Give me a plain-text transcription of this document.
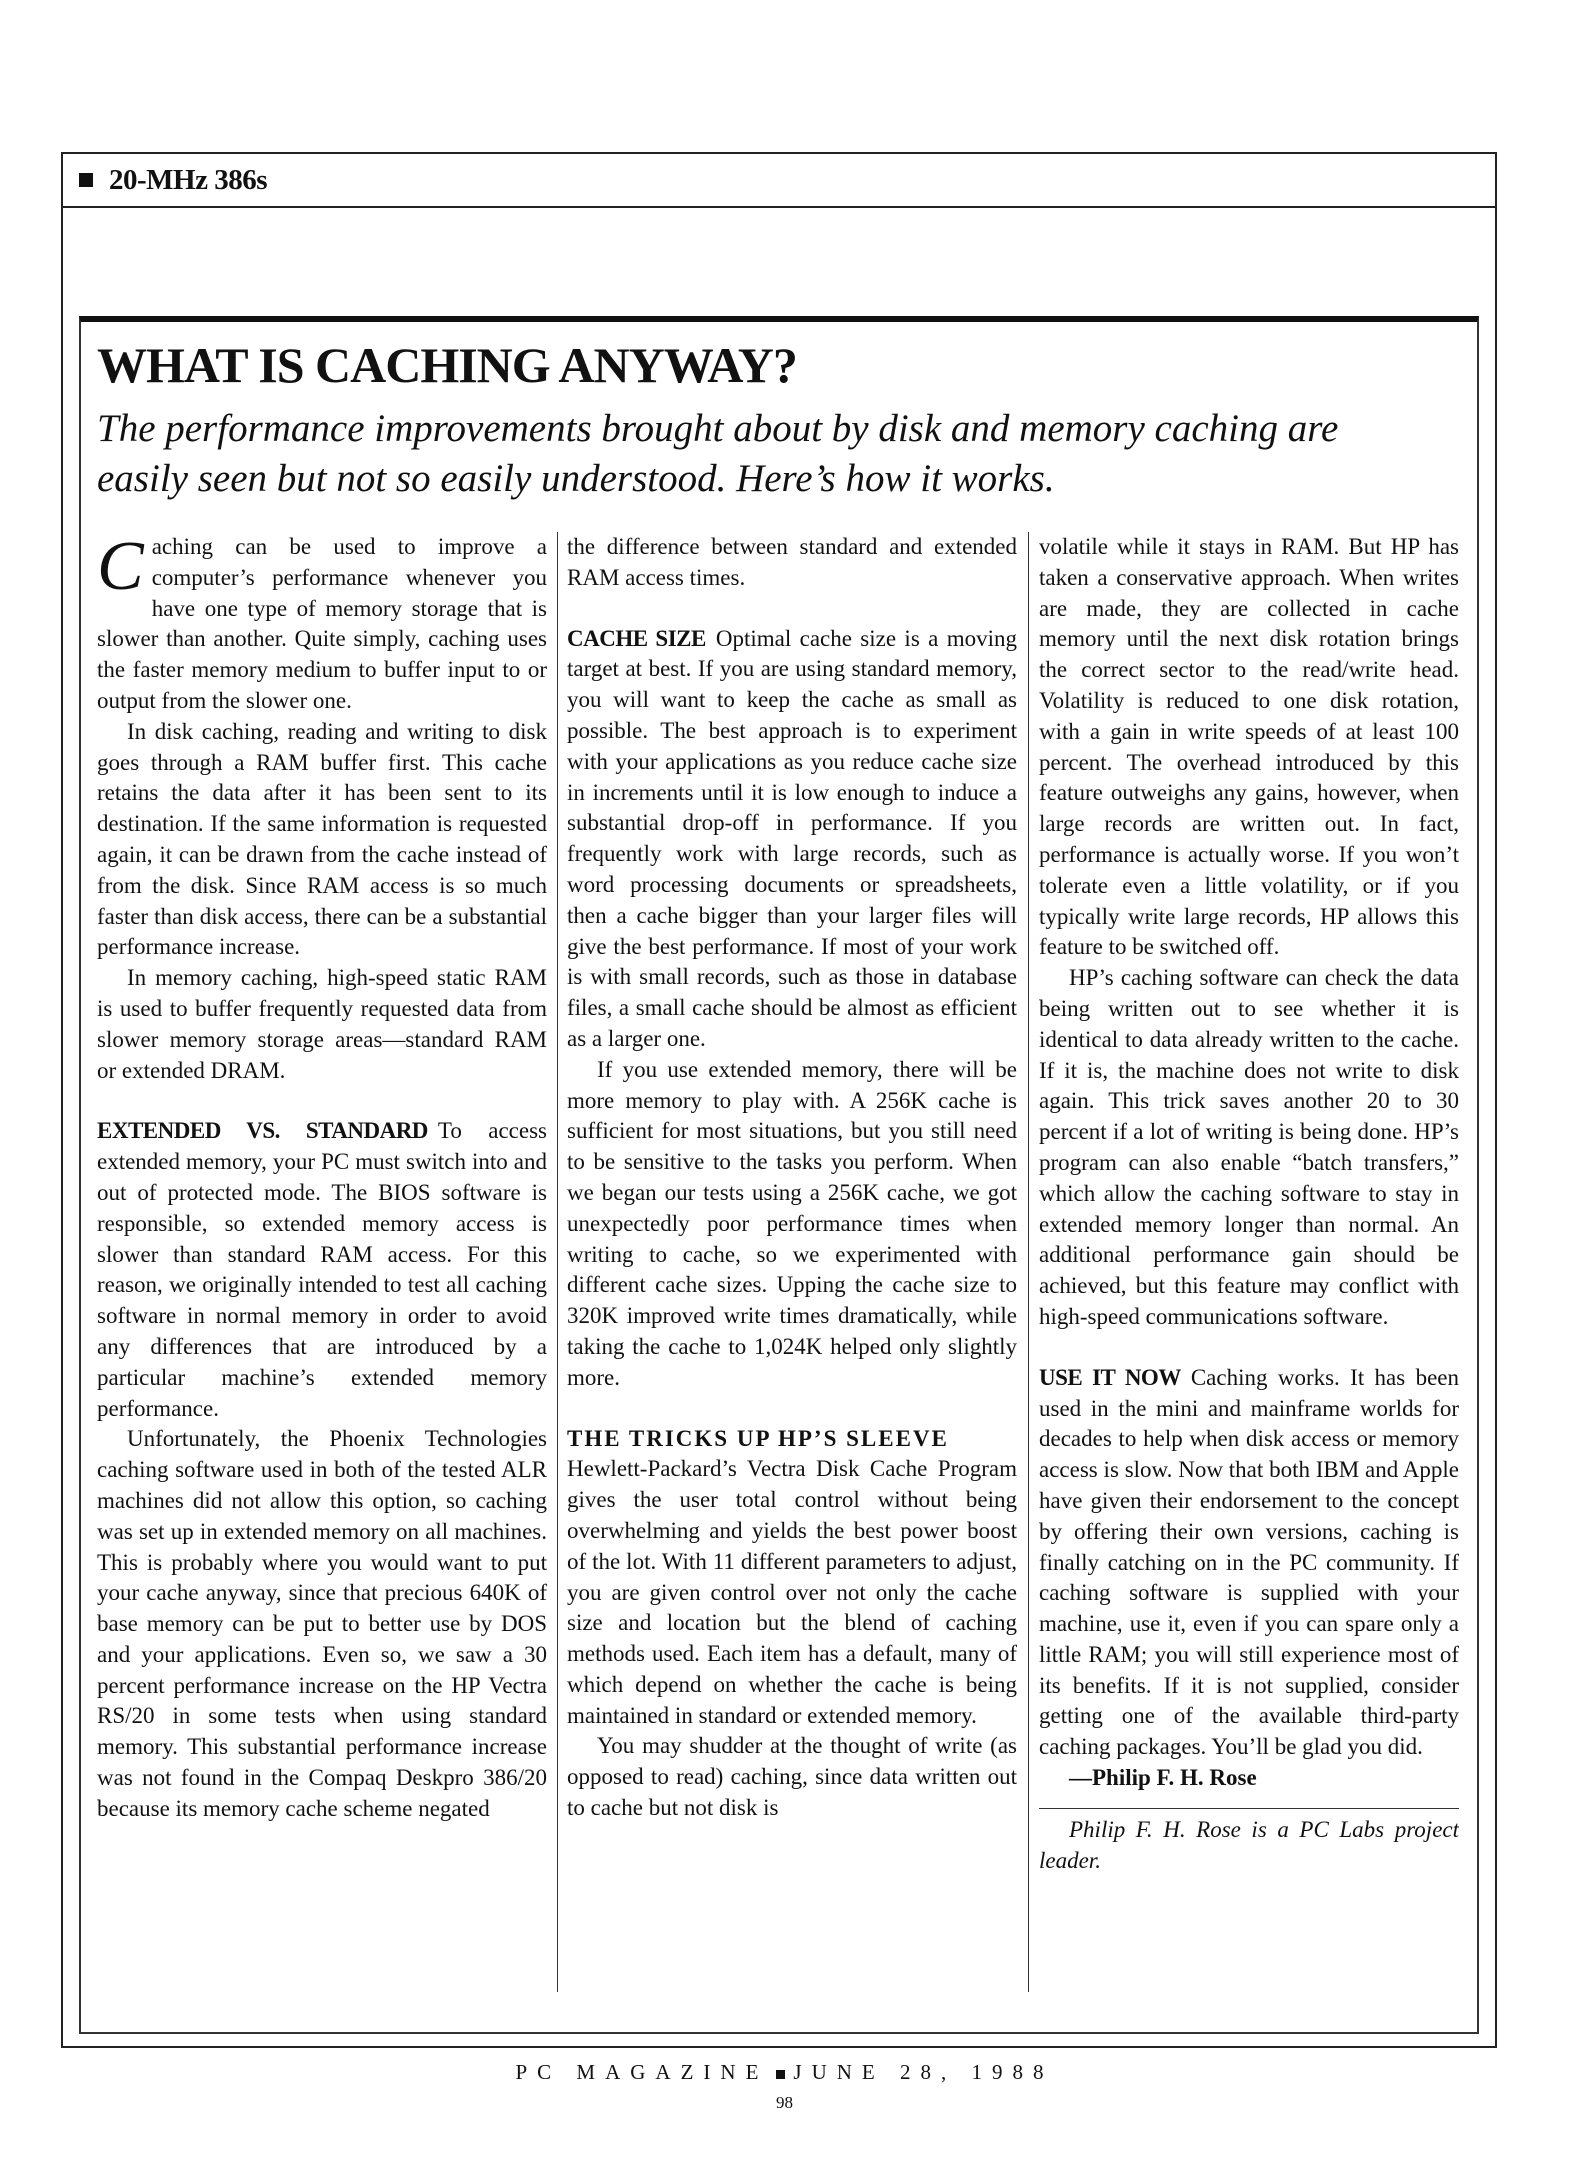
20-MHz 386s
WHAT IS CACHING ANYWAY?

The performance improvements brought about by disk and memory caching are easily seen but not so easily understood. Here’s how it works.

Caching can be used to improve a computer’s performance whenever you have one type of memory storage that is slower than another. Quite simply, caching uses the faster memory medium to buffer input to or output from the slower one.

In disk caching, reading and writing to disk goes through a RAM buffer first. This cache retains the data after it has been sent to its destination. If the same information is requested again, it can be drawn from the cache instead of from the disk. Since RAM access is so much faster than disk access, there can be a substantial performance increase.

In memory caching, high-speed static RAM is used to buffer frequently requested data from slower memory storage areas—standard RAM or extended DRAM.

EXTENDED VS. STANDARD To access extended memory, your PC must switch into and out of protected mode. The BIOS software is responsible, so extended memory access is slower than standard RAM access. For this reason, we originally intended to test all caching software in normal memory in order to avoid any differences that are introduced by a particular machine’s extended memory performance.

Unfortunately, the Phoenix Technologies caching software used in both of the tested ALR machines did not allow this option, so caching was set up in extended memory on all machines. This is probably where you would want to put your cache anyway, since that precious 640K of base memory can be put to better use by DOS and your applications. Even so, we saw a 30 percent performance increase on the HP Vectra RS/20 in some tests when using standard memory. This substantial performance increase was not found in the Compaq Deskpro 386/20 because its memory cache scheme negated

the difference between standard and extended RAM access times.

CACHE SIZE Optimal cache size is a moving target at best. If you are using standard memory, you will want to keep the cache as small as possible. The best approach is to experiment with your applications as you reduce cache size in increments until it is low enough to induce a substantial drop-off in performance. If you frequently work with large records, such as word processing documents or spreadsheets, then a cache bigger than your larger files will give the best performance. If most of your work is with small records, such as those in database files, a small cache should be almost as efficient as a larger one.

If you use extended memory, there will be more memory to play with. A 256K cache is sufficient for most situations, but you still need to be sensitive to the tasks you perform. When we began our tests using a 256K cache, we got unexpectedly poor performance times when writing to cache, so we experimented with different cache sizes. Upping the cache size to 320K improved write times dramatically, while taking the cache to 1,024K helped only slightly more.

THE TRICKS UP HP’S SLEEVE

Hewlett-Packard’s Vectra Disk Cache Program gives the user total control without being overwhelming and yields the best power boost of the lot. With 11 different parameters to adjust, you are given control over not only the cache size and location but the blend of caching methods used. Each item has a default, many of which depend on whether the cache is being maintained in standard or extended memory.

You may shudder at the thought of write (as opposed to read) caching, since data written out to cache but not disk is

volatile while it stays in RAM. But HP has taken a conservative approach. When writes are made, they are collected in cache memory until the next disk rotation brings the correct sector to the read/write head. Volatility is reduced to one disk rotation, with a gain in write speeds of at least 100 percent. The overhead introduced by this feature outweighs any gains, however, when large records are written out. In fact, performance is actually worse. If you won’t tolerate even a little volatility, or if you typically write large records, HP allows this feature to be switched off.

HP’s caching software can check the data being written out to see whether it is identical to data already written to the cache. If it is, the machine does not write to disk again. This trick saves another 20 to 30 percent if a lot of writing is being done. HP’s program can also enable “batch transfers,” which allow the caching software to stay in extended memory longer than normal. An additional performance gain should be achieved, but this feature may conflict with high-speed communications software.

USE IT NOW Caching works. It has been used in the mini and mainframe worlds for decades to help when disk access or memory access is slow. Now that both IBM and Apple have given their endorsement to the concept by offering their own versions, caching is finally catching on in the PC community. If caching software is supplied with your machine, use it, even if you can spare only a little RAM; you will still experience most of its benefits. If it is not supplied, consider getting one of the available third-party caching packages. You’ll be glad you did.

—Philip F. H. Rose

Philip F. H. Rose is a PC Labs project leader.

PC MAGAZINE JUNE 28, 1988
98
